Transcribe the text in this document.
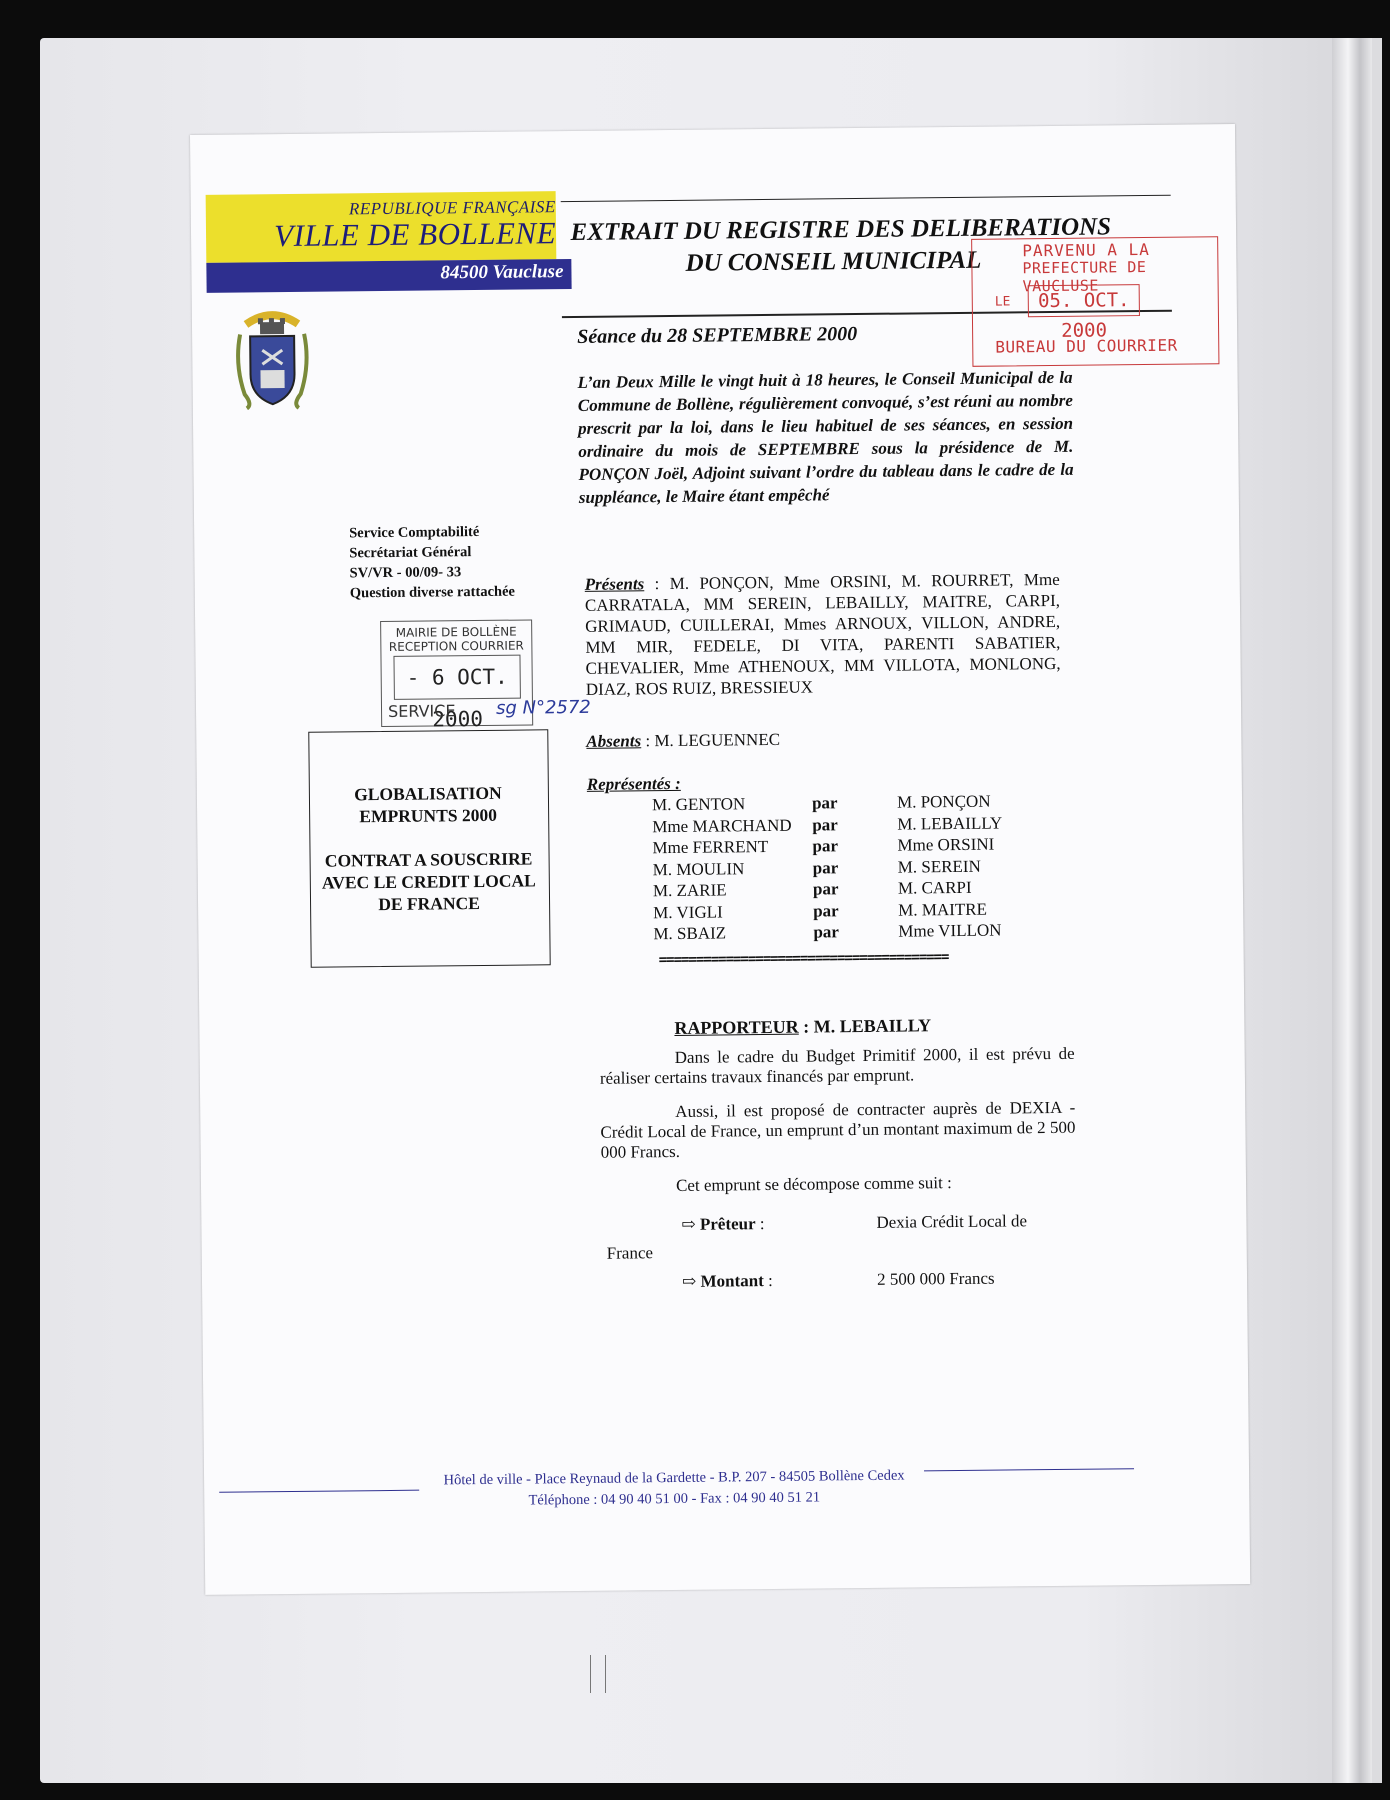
REPUBLIQUE FRANÇAISE
VILLE DE BOLLENE
84500 Vaucluse
EXTRAIT DU REGISTRE DES DELIBERATIONS
DU CONSEIL MUNICIPAL	PARVENU A LA
PREFECTURE DE VAUCLUSE
LE	05. OCT. 2000
BUREAU DU COURRIER
Séance du 28 SEPTEMBRE 2000
L’an Deux Mille le vingt huit à 18 heures, le Conseil Municipal de la Commune de Bollène, régulièrement convoqué, s’est réuni au nombre prescrit par la loi, dans le lieu habituel de ses séances, en session ordinaire du mois de SEPTEMBRE sous la présidence de M. PONÇON Joël, Adjoint suivant l’ordre du tableau dans le cadre de la suppléance, le Maire étant empêché
Service Comptabilité
Secrétariat Général
SV/VR - 00/09- 33
Question diverse rattachée
MAIRIE DE BOLLÈNE
RECEPTION COURRIER
- 6 OCT. 2000
SERVICE sg N°2572
GLOBALISATION
EMPRUNTS 2000
CONTRAT A SOUSCRIRE
AVEC LE CREDIT LOCAL
DE FRANCE
Présents : M. PONÇON, Mme ORSINI, M. ROURRET, Mme CARRATALA, MM SEREIN, LEBAILLY, MAITRE, CARPI, GRIMAUD, CUILLERAI, Mmes ARNOUX, VILLON, ANDRE, MM MIR, FEDELE, DI VITA, PARENTI SABATIER, CHEVALIER, Mme ATHENOUX, MM VILLOTA, MONLONG, DIAZ, ROS RUIZ, BRESSIEUX
Absents : M. LEGUENNEC
Représentés :
M. GENTON	par	M. PONÇON
Mme MARCHAND par	M. LEBAILLY
Mme FERRENT	par	Mme ORSINI
M. MOULIN	par	M. SEREIN
M. ZARIE	par	M. CARPI
M. VIGLI	par	M. MAITRE
M. SBAIZ	par	Mme VILLON
=======================================
RAPPORTEUR : M. LEBAILLY
Dans le cadre du Budget Primitif 2000, il est prévu de réaliser certains travaux financés par emprunt.
Aussi, il est proposé de contracter auprès de DEXIA - Crédit Local de France, un emprunt d’un montant maximum de 2 500 000 Francs.
Cet emprunt se décompose comme suit :
⇨ Prêteur :	Dexia Crédit Local de
France
⇨ Montant :	2 500 000 Francs
Hôtel de ville - Place Reynaud de la Gardette - B.P. 207 - 84505 Bollène Cedex
Téléphone : 04 90 40 51 00 - Fax : 04 90 40 51 21
